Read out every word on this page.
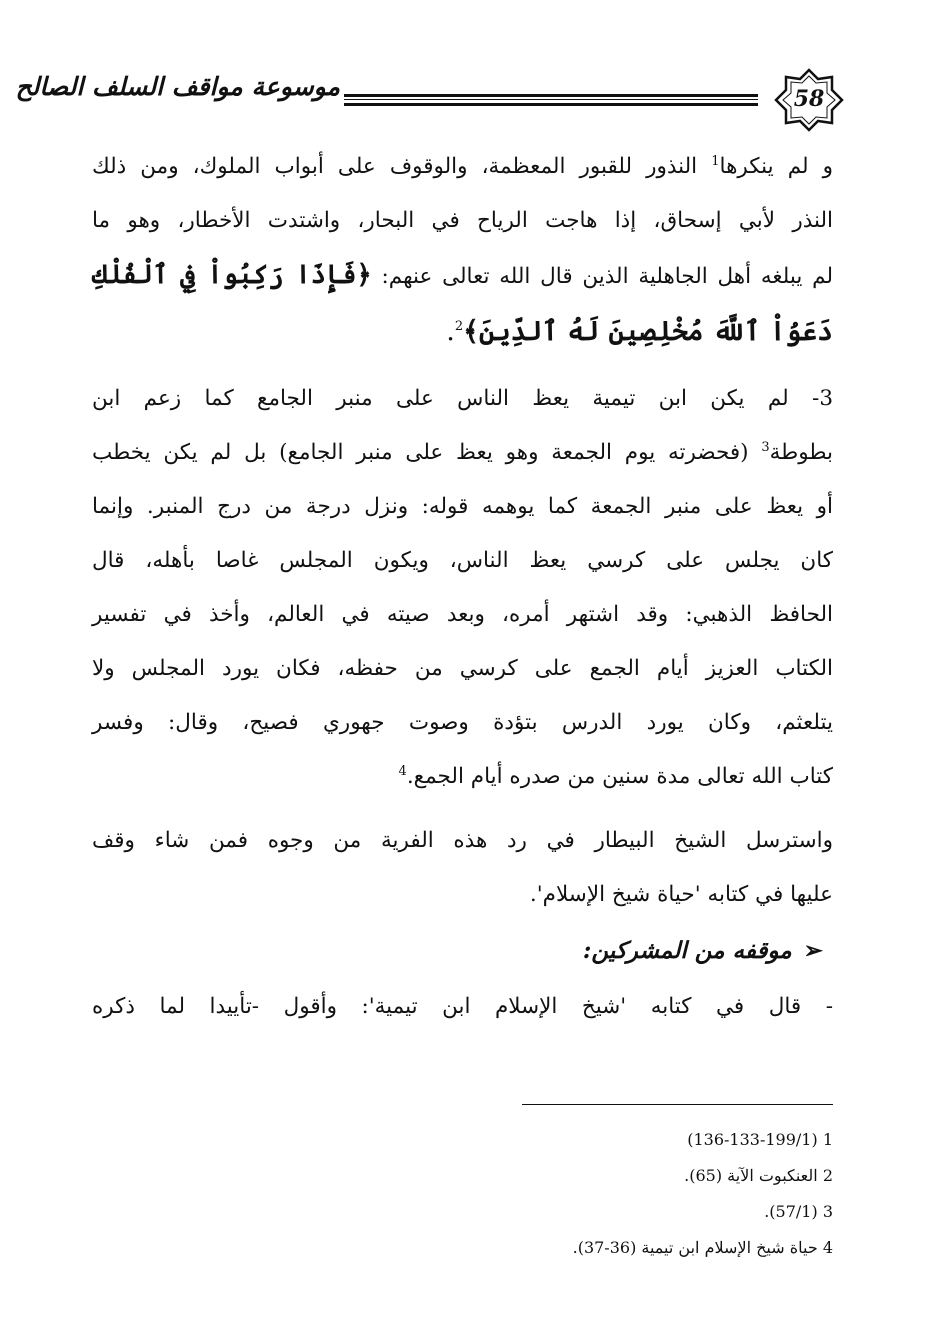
موسوعة مواقف السلف الصالح	58
و لم ينكرها$^1$ النذور للقبور المعظمة، والوقوف على أبواب الملوك، ومن ذلك
النذر لأبي إسحاق، إذا هاجت الرياح في البحار، واشتدت الأخطار، وهو ما
لم يبلغه أهل الجاهلية الذين قال الله تعالى عنهم: ﴿فَإِذَا رَكِبُواْ فِي ٱلْفُلْكِ
دَعَوُاْ ٱللَّهَ مُخْلِصِينَ لَهُ ٱلدِّينَ﴾$^2$.
3- لم يكن ابن تيمية يعظ الناس على منبر الجامع كما زعم ابن
بطوطة$^3$ (فحضرته يوم الجمعة وهو يعظ على منبر الجامع) بل لم يكن يخطب
أو يعظ على منبر الجمعة كما يوهمه قوله: ونزل درجة من درج المنبر. وإنما
كان يجلس على كرسي يعظ الناس، ويكون المجلس غاصا بأهله، قال
الحافظ الذهبي: وقد اشتهر أمره، وبعد صيته في العالم، وأخذ في تفسير
الكتاب العزيز أيام الجمع على كرسي من حفظه، فكان يورد المجلس ولا
يتلعثم، وكان يورد الدرس بتؤدة وصوت جهوري فصيح، وقال: وفسر
كتاب الله تعالى مدة سنين من صدره أيام الجمع.$^4$
واسترسل الشيخ البيطار في رد هذه الفرية من وجوه فمن شاء وقف
عليها في كتابه 'حياة شيخ الإسلام'.
➢موقفه من المشركين:
- قال في كتابه 'شيخ الإسلام ابن تيمية': وأقول -تأييدا لما ذكره
1 (136-133-199/1)
2 العنكبوت الآية (65).
3 (57/1).
4 حياة شيخ الإسلام ابن تيمية (36-37).
